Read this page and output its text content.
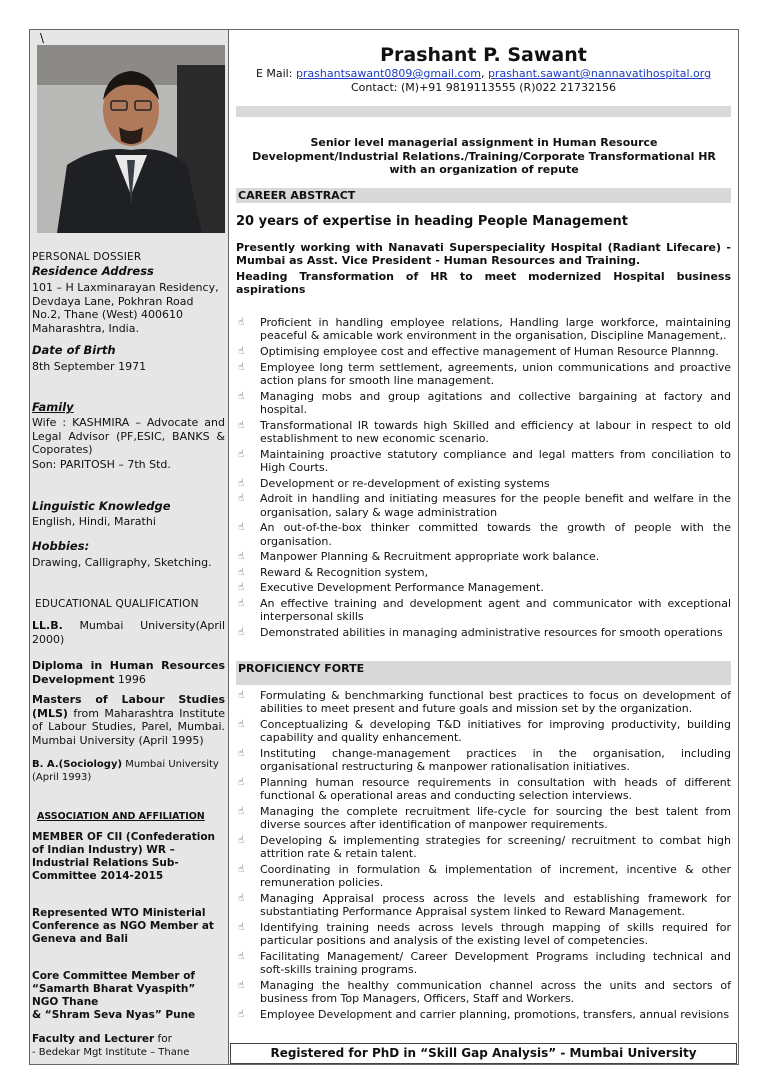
\
PERSONAL DOSSIER
Residence Address
101 – H Laxminarayan Residency, Devdaya Lane, Pokhran Road No.2, Thane (West) 400610 Maharashtra, India.
Date of Birth
8th September 1971
Family
Wife : KASHMIRA – Advocate and Legal Advisor (PF,ESIC, BANKS & Coporates)
Son: PARITOSH – 7th Std.
Linguistic Knowledge
English, Hindi, Marathi
Hobbies:
Drawing, Calligraphy, Sketching.
EDUCATIONAL QUALIFICATION
LL.B. Mumbai University(April 2000)
Diploma in Human Resources Development 1996
Masters of Labour Studies (MLS) from Maharashtra Institute of Labour Studies, Parel, Mumbai. Mumbai University (April 1995)
B. A.(Sociology) Mumbai University (April 1993)
ASSOCIATION AND AFFILIATION
MEMBER OF CII (Confederation of Indian Industry) WR – Industrial Relations Sub-Committee 2014-2015
Represented WTO Ministerial Conference as NGO Member at Geneva and Bali
Core Committee Member of “Samarth Bharat Vyaspith” NGO Thane
& “Shram Seva Nyas” Pune
Faculty and Lecturer for
- Bedekar Mgt Institute – Thane
Prashant P. Sawant
E Mail: prashantsawant0809@gmail.com, prashant.sawant@nannavatihospital.org
Contact: (M)+91 9819113555 (R)022 21732156
Senior level managerial assignment in Human Resource Development/Industrial Relations./Training/Corporate Transformational HR with an organization of repute
CAREER ABSTRACT
20 years of expertise in heading People Management
Presently working with Nanavati Superspeciality Hospital (Radiant Lifecare) - Mumbai as Asst. Vice President - Human Resources and Training.
Heading Transformation of HR to meet modernized Hospital business aspirations
☝ Proficient in handling employee relations, Handling large workforce, maintaining peaceful & amicable work environment in the organisation, Discipline Management,.
☝ Optimising employee cost and effective management of Human Resource Plannng.
☝ Employee long term settlement, agreements, union communications and proactive action plans for smooth line management.
☝ Managing mobs and group agitations and collective bargaining at factory and hospital.
☝ Transformational IR towards high Skilled and efficiency at labour in respect to old establishment to new economic scenario.
☝ Maintaining proactive statutory compliance and legal matters from conciliation to High Courts.
☝ Development or re-development of existing systems
☝ Adroit in handling and initiating measures for the people benefit and welfare in the organisation, salary & wage administration
☝ An out-of-the-box thinker committed towards the growth of people with the organisation.
☝ Manpower Planning & Recruitment appropriate work balance.
☝ Reward & Recognition system,
☝ Executive Development Performance Management.
☝ An effective training and development agent and communicator with exceptional interpersonal skills
☝ Demonstrated abilities in managing administrative resources for smooth operations
PROFICIENCY FORTE
☝ Formulating & benchmarking functional best practices to focus on development of abilities to meet present and future goals and mission set by the organization.
☝ Conceptualizing & developing T&D initiatives for improving productivity, building capability and quality enhancement.
☝ Instituting change-management practices in the organisation, including organisational restructuring & manpower rationalisation initiatives.
☝ Planning human resource requirements in consultation with heads of different functional & operational areas and conducting selection interviews.
☝ Managing the complete recruitment life-cycle for sourcing the best talent from diverse sources after identification of manpower requirements.
☝ Developing & implementing strategies for screening/ recruitment to combat high attrition rate & retain talent.
☝ Coordinating in formulation & implementation of increment, incentive & other remuneration policies.
☝ Managing Appraisal process across the levels and establishing framework for substantiating Performance Appraisal system linked to Reward Management.
☝ Identifying training needs across levels through mapping of skills required for particular positions and analysis of the existing level of competencies.
☝ Facilitating Management/ Career Development Programs including technical and soft-skills training programs.
☝ Managing the healthy communication channel across the units and sectors of business from Top Managers, Officers, Staff and Workers.
☝ Employee Development and carrier planning, promotions, transfers, annual revisions
Registered for PhD in “Skill Gap Analysis” - Mumbai University
